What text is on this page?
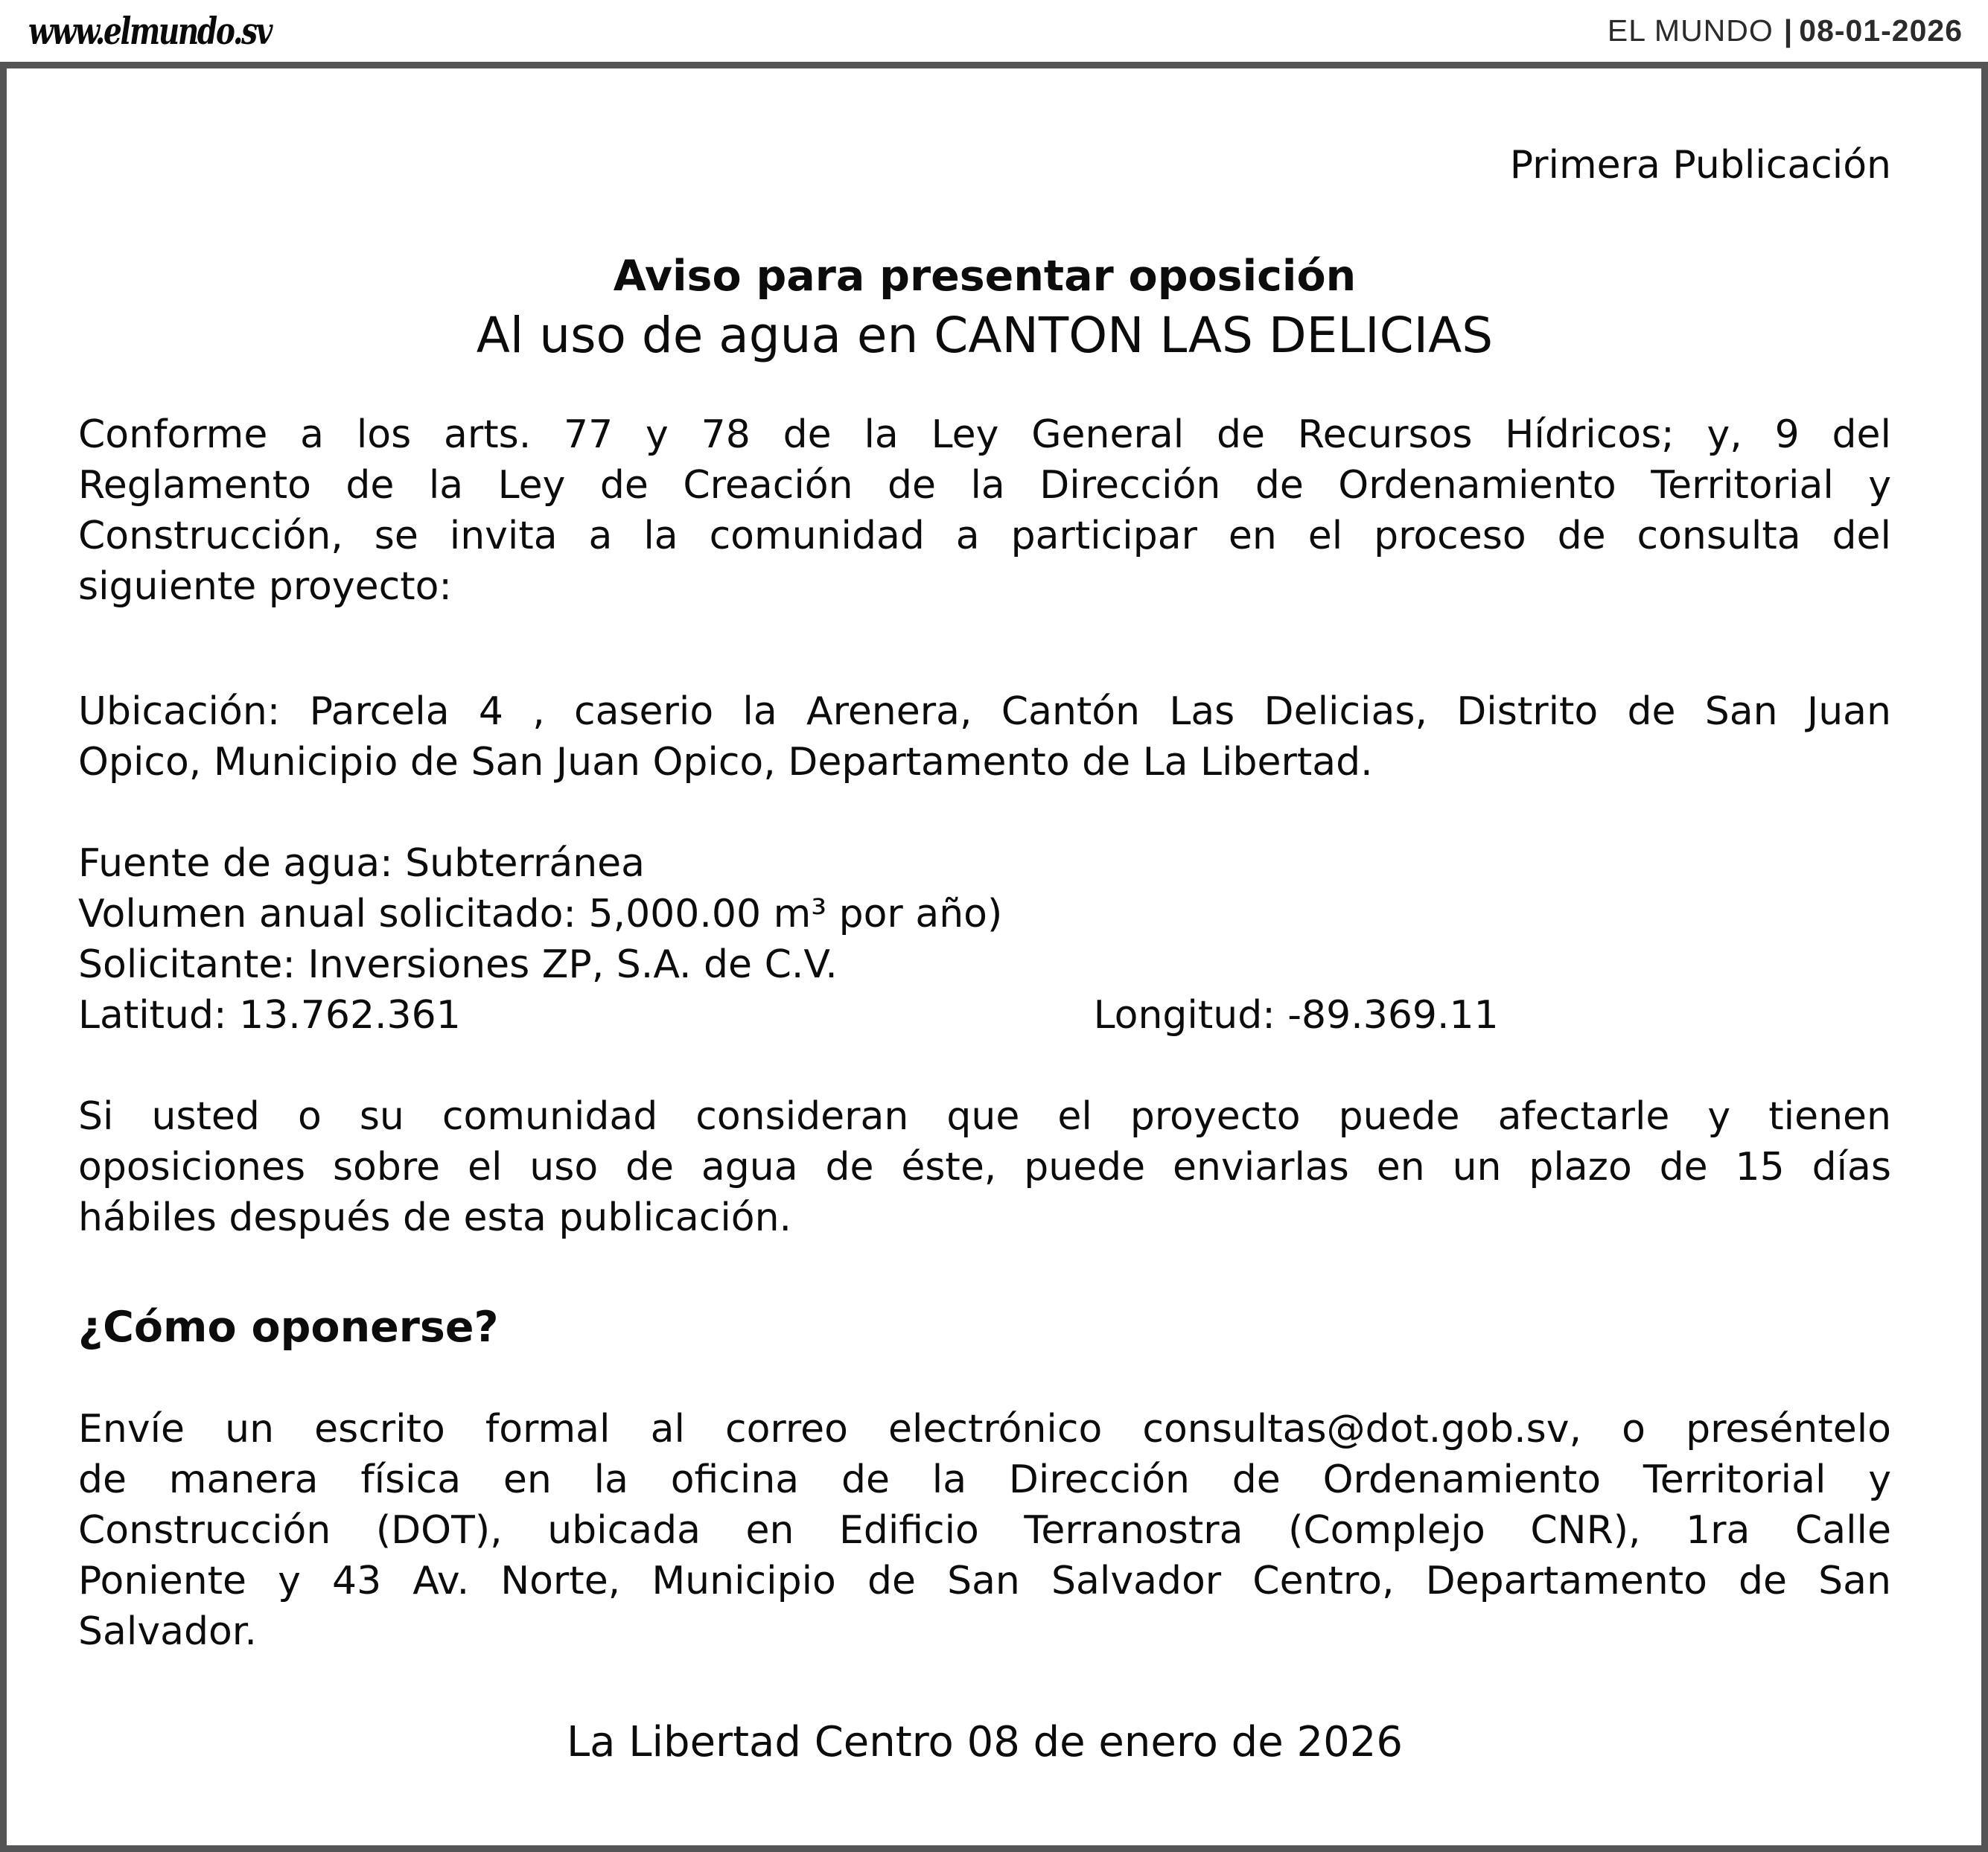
www.elmundo.sv	EL MUNDO | 08-01-2026
Primera Publicación
Aviso para presentar oposición
Al uso de agua en CANTON LAS DELICIAS
Conforme a los arts. 77 y 78 de la Ley General de Recursos Hídricos; y, 9 del
Reglamento de la Ley de Creación de la Dirección de Ordenamiento Territorial y
Construcción, se invita a la comunidad a participar en el proceso de consulta del
siguiente proyecto:
Ubicación: Parcela 4 , caserio la Arenera, Cantón Las Delicias, Distrito de San Juan
Opico, Municipio de San Juan Opico, Departamento de La Libertad.
Fuente de agua: Subterránea
Volumen anual solicitado: 5,000.00 m³ por año)
Solicitante: Inversiones ZP, S.A. de C.V.
Latitud: 13.762.361	Longitud: -89.369.11
Si usted o su comunidad consideran que el proyecto puede afectarle y tienen
oposiciones sobre el uso de agua de éste, puede enviarlas en un plazo de 15 días
hábiles después de esta publicación.
¿Cómo oponerse?
Envíe un escrito formal al correo electrónico consultas@dot.gob.sv, o preséntelo
de manera física en la oficina de la Dirección de Ordenamiento Territorial y
Construcción (DOT), ubicada en Edificio Terranostra (Complejo CNR), 1ra Calle
Poniente y 43 Av. Norte, Municipio de San Salvador Centro, Departamento de San
Salvador.
La Libertad Centro 08 de enero de 2026
